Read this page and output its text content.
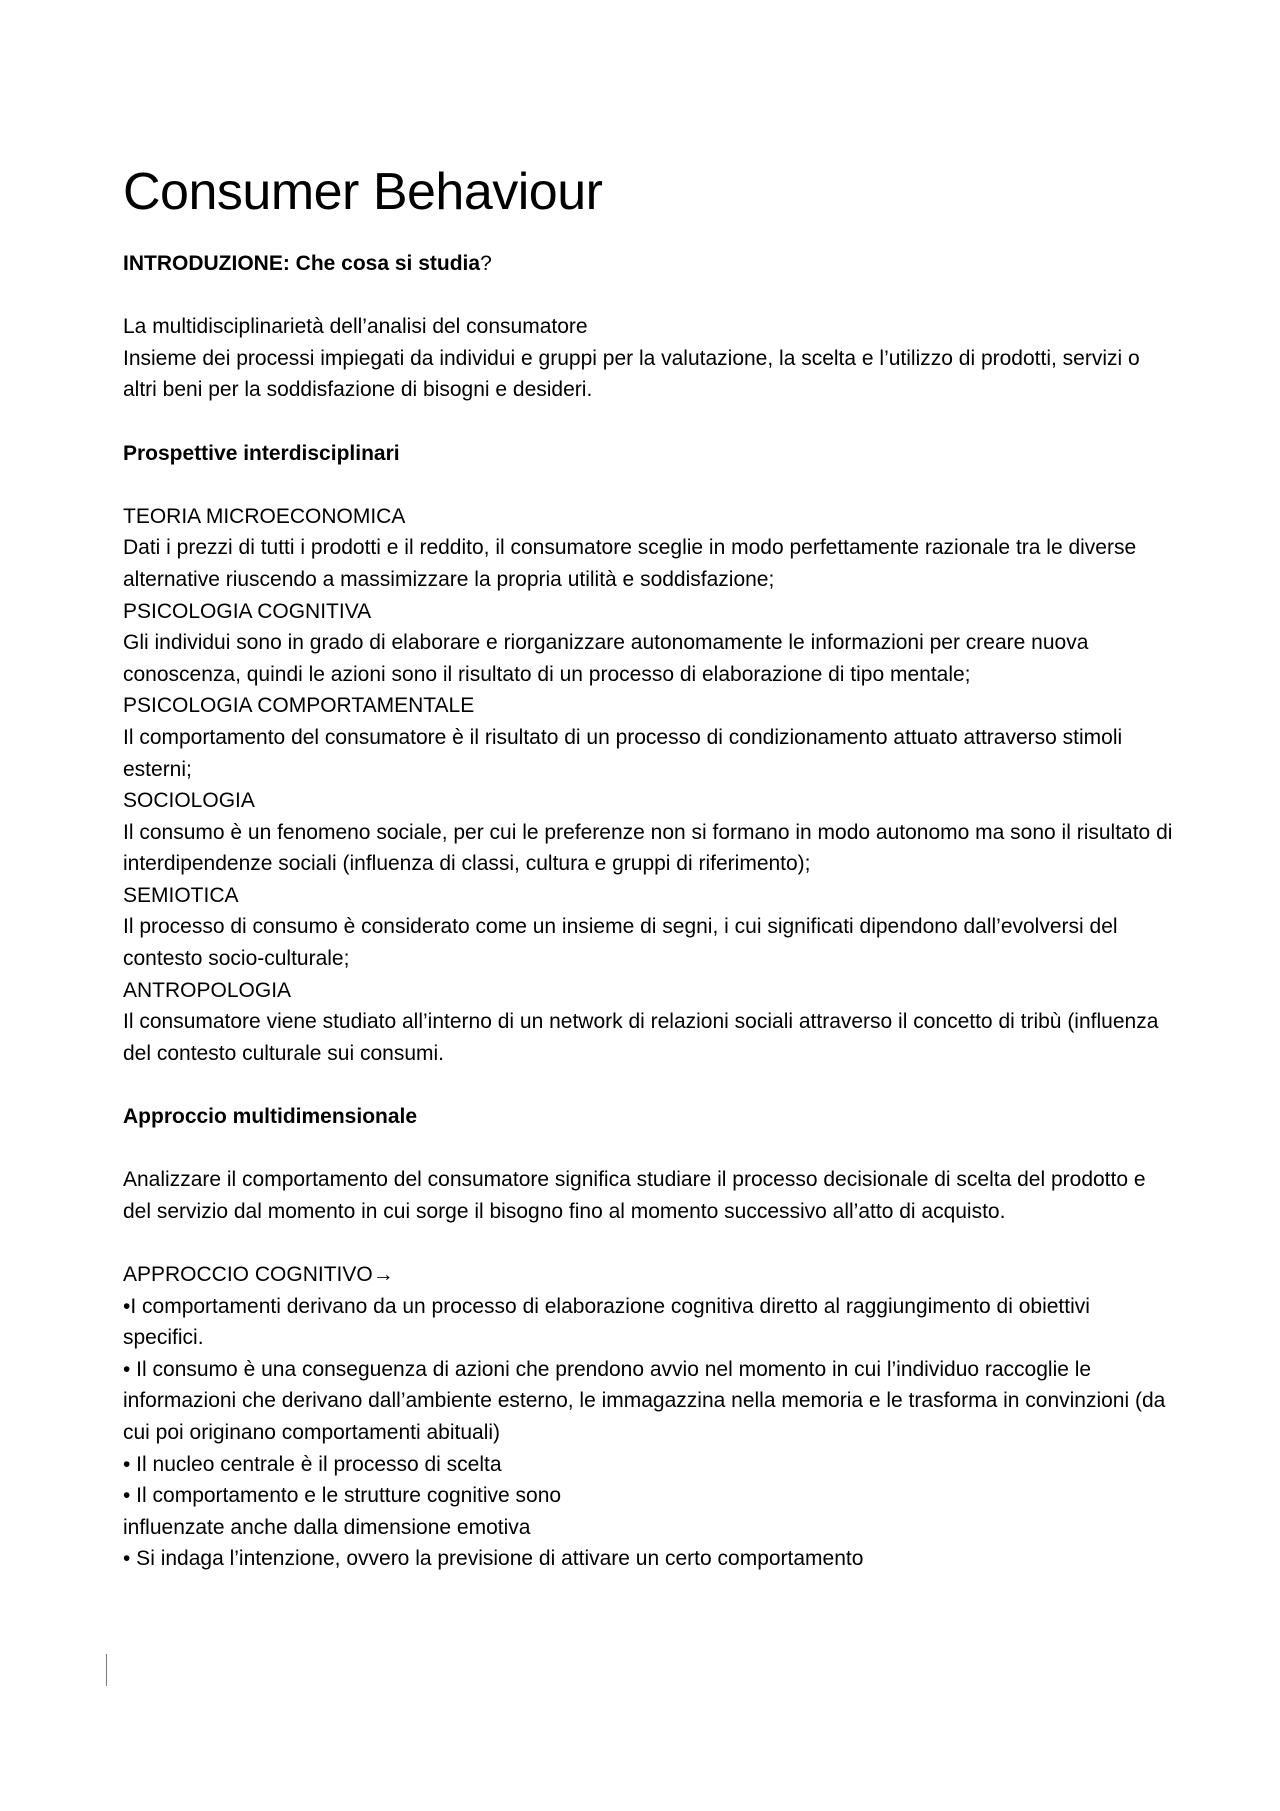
Consumer Behaviour

INTRODUZIONE: Che cosa si studia?

La multidisciplinarietà dell’analisi del consumatore

Insieme dei processi impiegati da individui e gruppi per la valutazione, la scelta e l’utilizzo di prodotti, servizi o altri beni per la soddisfazione di bisogni e desideri.

Prospettive interdisciplinari

TEORIA MICROECONOMICA

Dati i prezzi di tutti i prodotti e il reddito, il consumatore sceglie in modo perfettamente razionale tra le diverse alternative riuscendo a massimizzare la propria utilità e soddisfazione;

PSICOLOGIA COGNITIVA

Gli individui sono in grado di elaborare e riorganizzare autonomamente le informazioni per creare nuova conoscenza, quindi le azioni sono il risultato di un processo di elaborazione di tipo mentale;

PSICOLOGIA COMPORTAMENTALE

Il comportamento del consumatore è il risultato di un processo di condizionamento attuato attraverso stimoli esterni;

SOCIOLOGIA

Il consumo è un fenomeno sociale, per cui le preferenze non si formano in modo autonomo ma sono il risultato di interdipendenze sociali (influenza di classi, cultura e gruppi di riferimento);

SEMIOTICA

Il processo di consumo è considerato come un insieme di segni, i cui significati dipendono dall’evolversi del contesto socio-culturale;

ANTROPOLOGIA

Il consumatore viene studiato all’interno di un network di relazioni sociali attraverso il concetto di tribù (influenza del contesto culturale sui consumi.

Approccio multidimensionale

Analizzare il comportamento del consumatore significa studiare il processo decisionale di scelta del prodotto e del servizio dal momento in cui sorge il bisogno fino al momento successivo all’atto di acquisto.

APPROCCIO COGNITIVO→

•I comportamenti derivano da un processo di elaborazione cognitiva diretto al raggiungimento di obiettivi specifici.

• Il consumo è una conseguenza di azioni che prendono avvio nel momento in cui l’individuo raccoglie le informazioni che derivano dall’ambiente esterno, le immagazzina nella memoria e le trasforma in convinzioni (da cui poi originano comportamenti abituali)

• Il nucleo centrale è il processo di scelta

• Il comportamento e le strutture cognitive sono

influenzate anche dalla dimensione emotiva

• Si indaga l’intenzione, ovvero la previsione di attivare un certo comportamento
